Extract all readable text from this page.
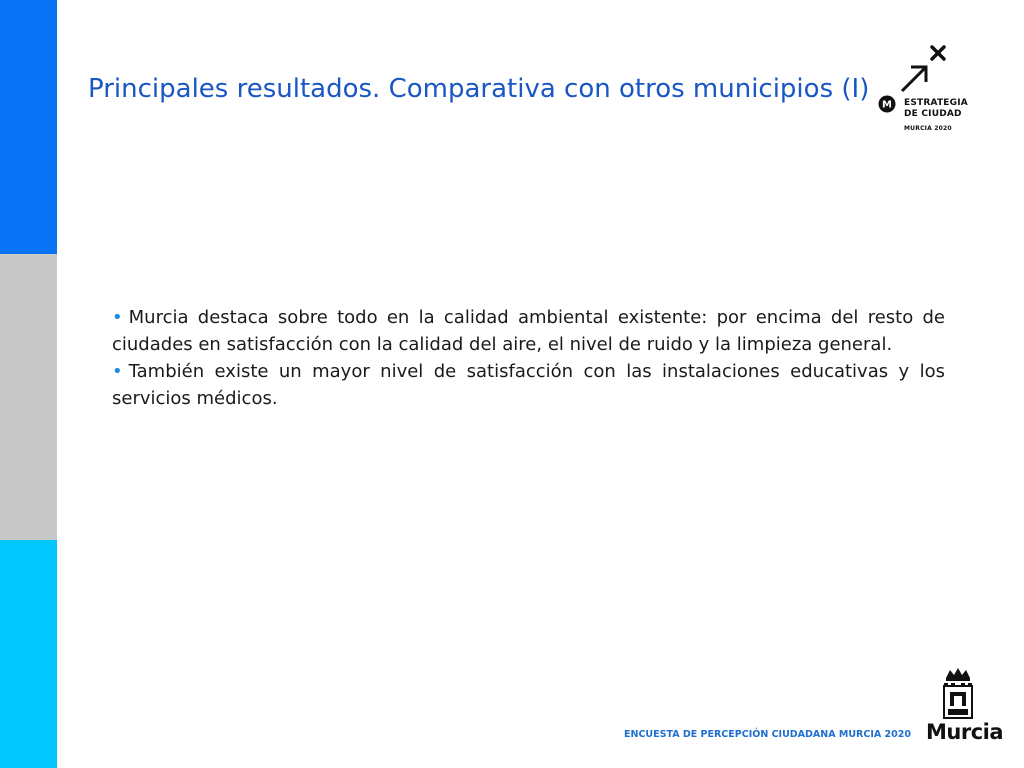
Principales resultados. Comparativa con otros municipios (I)
M ESTRATEGIA
DE CIUDAD
MURCIA 2020

• Murcia destaca sobre todo en la calidad ambiental existente: por encima del resto de ciudades en satisfacción con la calidad del aire, el nivel de ruido y la limpieza general.

• También existe un mayor nivel de satisfacción con las instalaciones educativas y los servicios médicos.

ENCUESTA DE PERCEPCIÓN CIUDADANA MURCIA 2020 Murcia
